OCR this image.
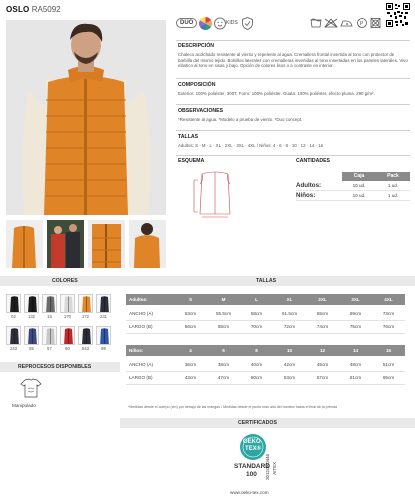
OSLO RA5092
DUO	KIDS	P
DESCRIPCIÓN
Chaleco acolchado resistente al viento y repelente al agua. Cremallera frontal invertida al tono con protector de barbilla del mismo tejido. Bolsillos laterales con cremalleras invertidas al tono insertadas en los paneles laterales. Vivo elástico al tono en sisas y bajo. Opción de colores lisos o a contraste en interior.
COMPOSICIÓN
Exterior: 100% poliéster, 300T. Forro: 100% poliéster. Guata: 100% poliéster, efecto pluma. 290 g/m².
OBSERVACIONES
*Resistente al agua. *Modelo a prueba de viento. *Duo concept.
TALLAS
Adultos: S · M · L · XL · 2XL · 3XL · 4XL / Niños: 4 · 6 · 8 · 10 · 12 · 14 · 16
ESQUEMA	CANTIDADES
Caja	Pack
Adultos:	10 ud.	1 ud.
Niños:	10 ud.	1 ud.
COLORES	TALLAS
02	132	15	170	172	231
243	55	57	60	843	99
Adultos:	S	M	L	XL	2XL	3XL	4XL
ANCHO (A)	53cm	55.5cm	58cm	61.5cm	65cm	69cm	73cm
LARGO (B)	66cm	68cm	70cm	72cm	74cm	75cm	76cm
Niños:	4	6	8	10	12	14	16
ANCHO (A)	36cm	38cm	40cm	42cm	45cm	48cm	51cm
LARGO (B)	43cm	47cm	50cm	53cm	57cm	61cm	65cm
*Medidas desde el cuerpo (cm) por debajo de las mangas / Medidas desde el punto más alto del hombro hasta el final de la prenda
REPROCESOS DISPONIBLES
Manipulado
CERTIFICADOS
OEKO
TEX®
STANDARD
100 2012OK0446 AITEX
www.oeko-tex.com
